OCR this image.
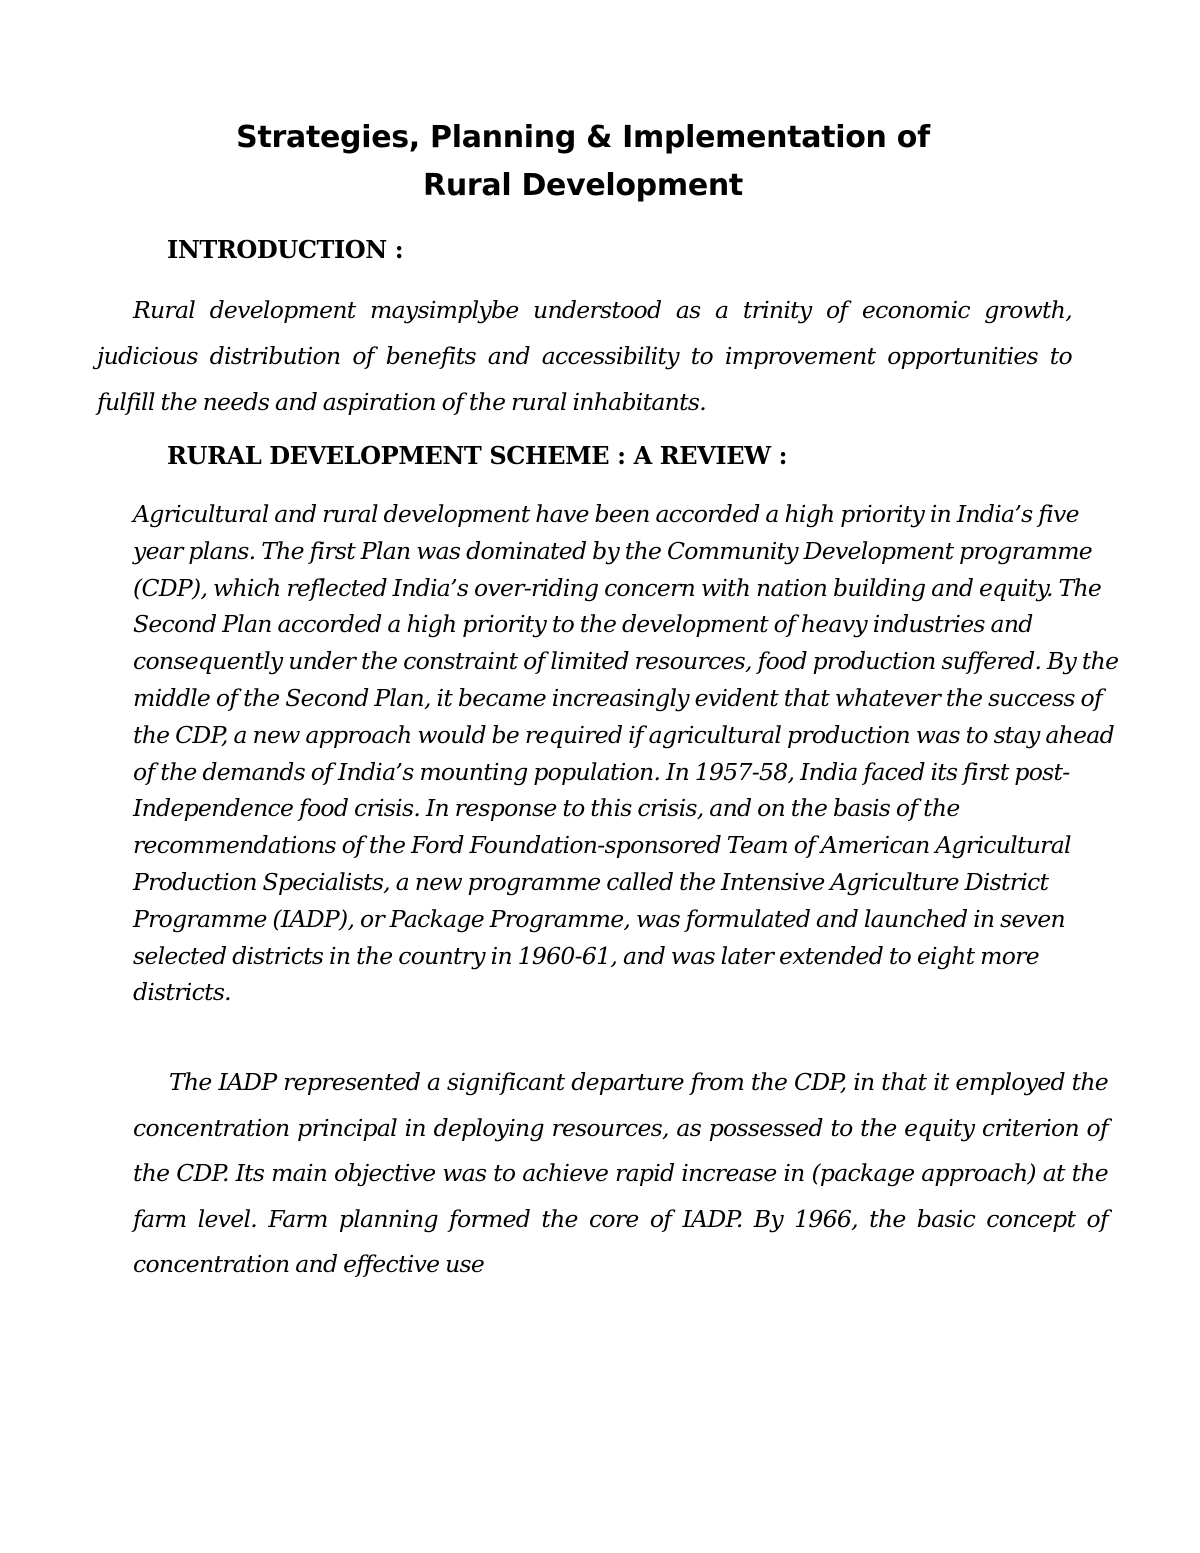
Strategies, Planning & Implementation of
Rural Development
INTRODUCTION :
Rural development maysimplybe understood as a trinity of economic growth, judicious distribution of benefits and accessibility to improvement opportunities to fulfill the needs and aspiration of the rural inhabitants.
RURAL DEVELOPMENT SCHEME : A REVIEW :
Agricultural and rural development have been accorded a high priority in India’s five year plans. The first Plan was dominated by the Community Development programme (CDP), which reflected India’s over-riding concern with nation building and equity. The Second Plan accorded a high priority to the development of heavy industries and consequently under the constraint of limited resources, food production suffered. By the middle of the Second Plan, it became increasingly evident that whatever the success of the CDP, a new approach would be required if agricultural production was to stay ahead of the demands of India’s mounting population. In 1957-58, India faced its first post-Independence food crisis. In response to this crisis, and on the basis of the recommendations of the Ford Foundation-sponsored Team of American Agricultural Production Specialists, a new programme called the Intensive Agriculture District Programme (IADP), or Package Programme, was formulated and launched in seven selected districts in the country in 1960-61, and was later extended to eight more districts.
The IADP represented a significant departure from the CDP, in that it employed the concentration principal in deploying resources, as possessed to the equity criterion of the CDP. Its main objective was to achieve rapid increase in (package approach) at the farm level. Farm planning formed the core of IADP. By 1966, the basic concept of concentration and effective use
